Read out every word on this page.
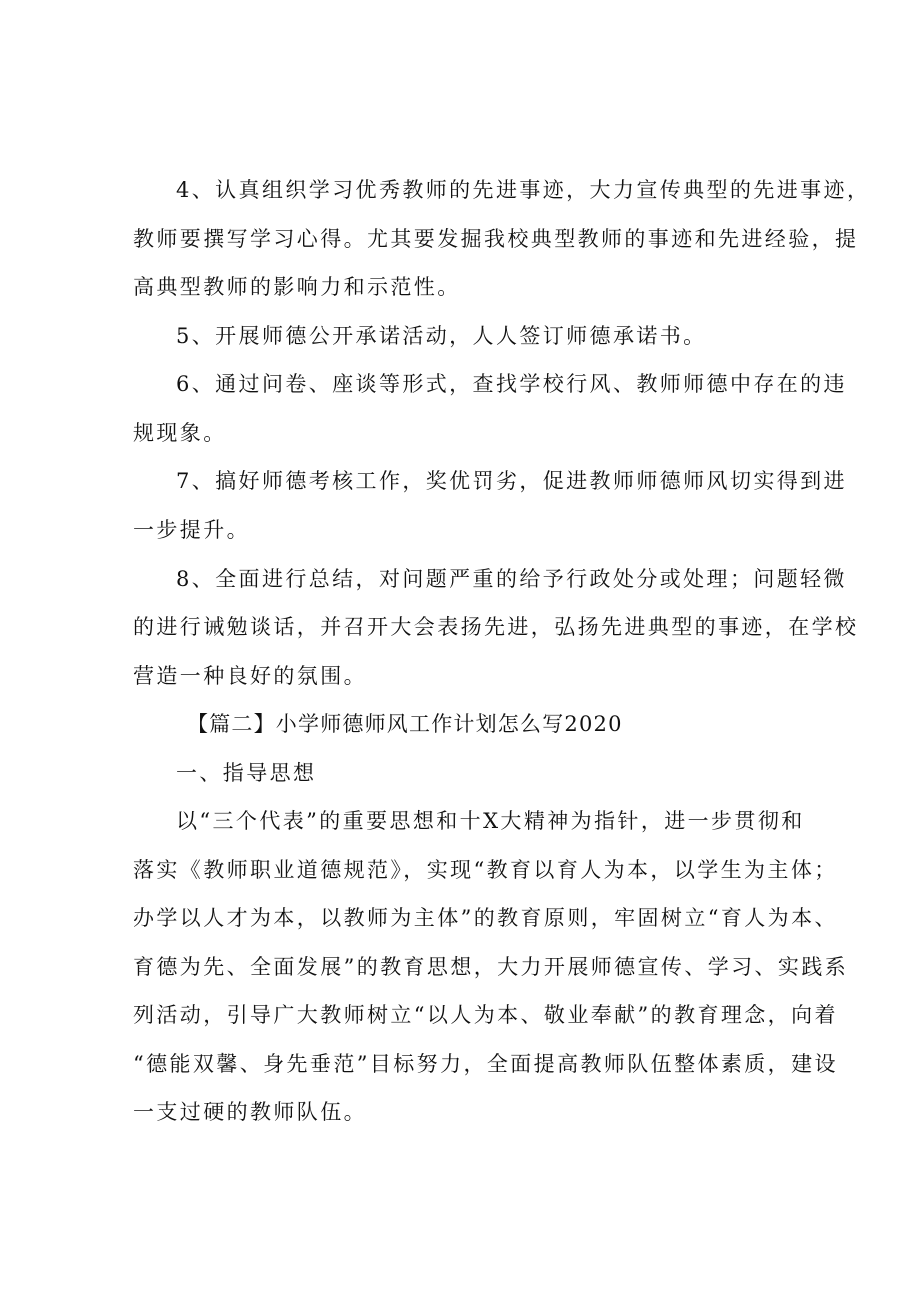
4、认真组织学习优秀教师的先进事迹，大力宣传典型的先进事迹，
教师要撰写学习心得。尤其要发掘我校典型教师的事迹和先进经验，提
高典型教师的影响力和示范性。
5、开展师德公开承诺活动，人人签订师德承诺书。
6、通过问卷、座谈等形式，查找学校行风、教师师德中存在的违
规现象。
7、搞好师德考核工作，奖优罚劣，促进教师师德师风切实得到进
一步提升。
8、全面进行总结，对问题严重的给予行政处分或处理；问题轻微
的进行诫勉谈话，并召开大会表扬先进，弘扬先进典型的事迹，在学校
营造一种良好的氛围。
【篇二】小学师德师风工作计划怎么写2020
一、指导思想
以“三个代表”的重要思想和十X大精神为指针，进一步贯彻和
落实《教师职业道德规范》，实现“教育以育人为本，以学生为主体；
办学以人才为本，以教师为主体”的教育原则，牢固树立“育人为本、
育德为先、全面发展”的教育思想，大力开展师德宣传、学习、实践系
列活动，引导广大教师树立“以人为本、敬业奉献”的教育理念，向着
“德能双馨、身先垂范”目标努力，全面提高教师队伍整体素质，建设
一支过硬的教师队伍。
